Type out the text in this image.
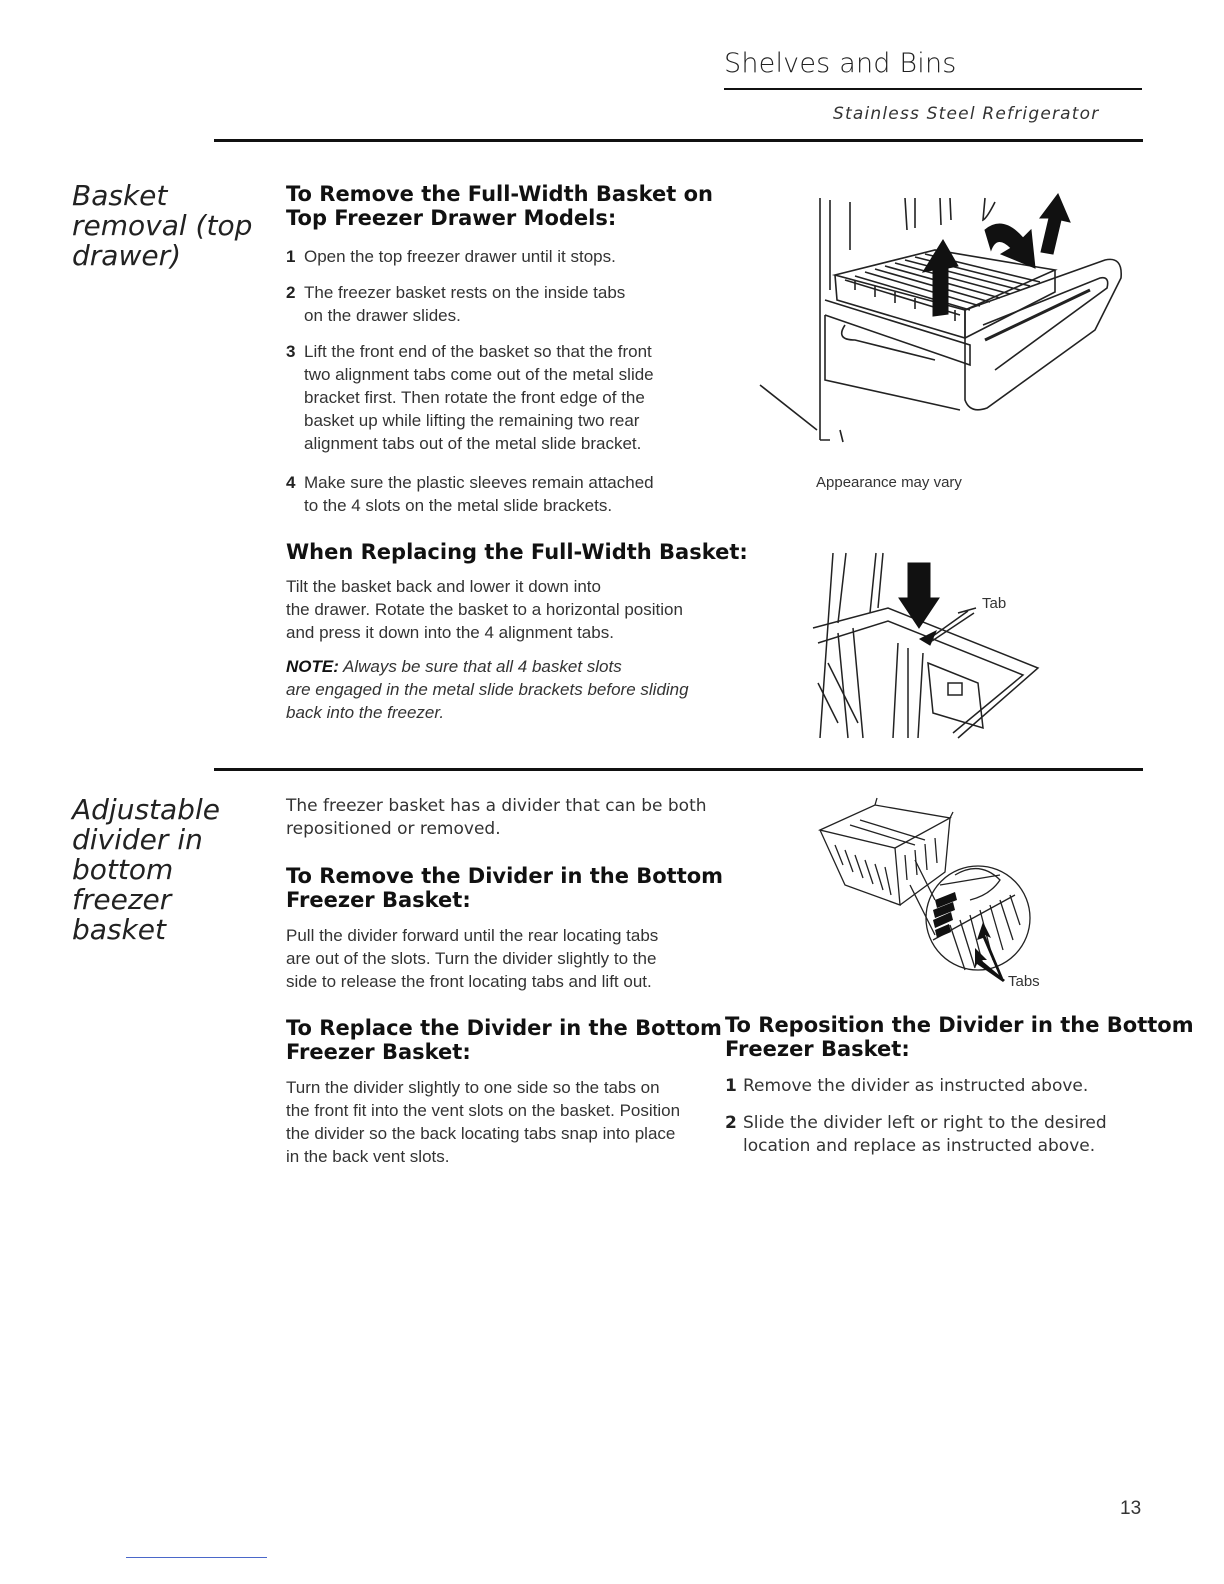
Shelves and Bins
Stainless Steel Refrigerator
Basket
removal (top
drawer)
To Remove the Full-Width Basket on
Top Freezer Drawer Models:
1 Open the top freezer drawer until it stops.
2 The freezer basket rests on the inside tabs
on the drawer slides.
3 Lift the front end of the basket so that the front
two alignment tabs come out of the metal slide
bracket first. Then rotate the front edge of the
basket up while lifting the remaining two rear
alignment tabs out of the metal slide bracket.
4 Make sure the plastic sleeves remain attached
to the 4 slots on the metal slide brackets.
When Replacing the Full-Width Basket:
Tilt the basket back and lower it down into
the drawer. Rotate the basket to a horizontal position
and press it down into the 4 alignment tabs.
NOTE: Always be sure that all 4 basket slots
are engaged in the metal slide brackets before sliding
back into the freezer.
Appearance may vary
Tab
Adjustable
divider in
bottom
freezer
basket
The freezer basket has a divider that can be both
repositioned or removed.
To Remove the Divider in the Bottom
Freezer Basket:
Pull the divider forward until the rear locating tabs
are out of the slots. Turn the divider slightly to the
side to release the front locating tabs and lift out.
To Replace the Divider in the Bottom
Freezer Basket:
Turn the divider slightly to one side so the tabs on
the front fit into the vent slots on the basket. Position
the divider so the back locating tabs snap into place
in the back vent slots.
Tabs
To Reposition the Divider in the Bottom
Freezer Basket:
1 Remove the divider as instructed above.
2 Slide the divider left or right to the desired
location and replace as instructed above.
13
